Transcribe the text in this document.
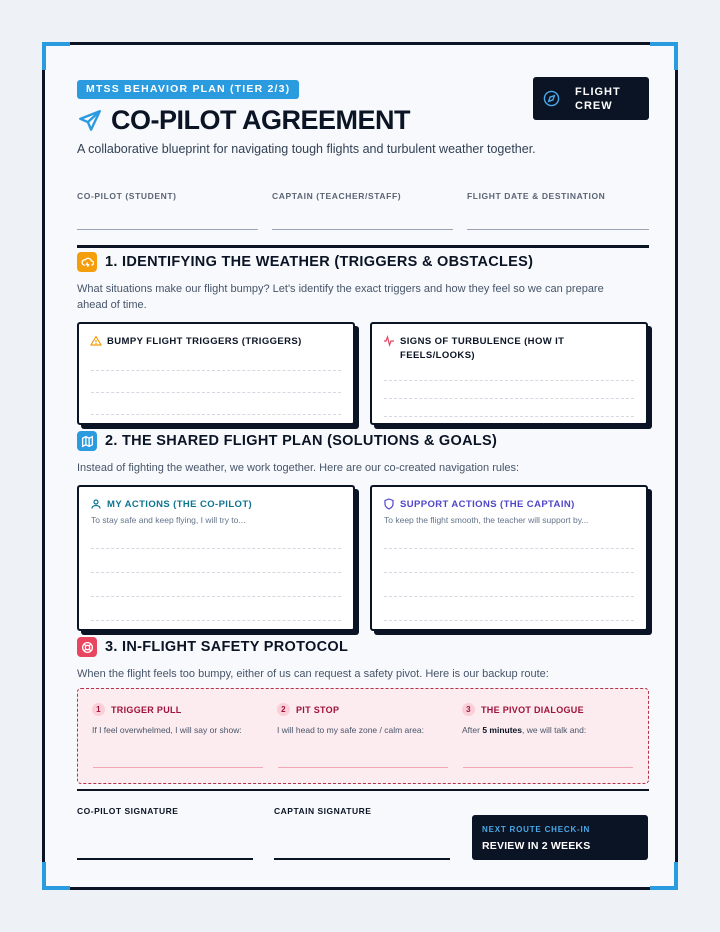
MTSS BEHAVIOR PLAN (TIER 2/3)	FLIGHT CREW
CO-PILOT AGREEMENT
A collaborative blueprint for navigating tough flights and turbulent weather together.
CO-PILOT (STUDENT)	CAPTAIN (TEACHER/STAFF)	FLIGHT DATE & DESTINATION
1. IDENTIFYING THE WEATHER (TRIGGERS & OBSTACLES)
What situations make our flight bumpy? Let's identify the exact triggers and how they feel so we can prepare ahead of time.
BUMPY FLIGHT TRIGGERS (TRIGGERS)	SIGNS OF TURBULENCE (HOW IT FEELS/LOOKS)
2. THE SHARED FLIGHT PLAN (SOLUTIONS & GOALS)
Instead of fighting the weather, we work together. Here are our co-created navigation rules:
MY ACTIONS (THE CO-PILOT)
To stay safe and keep flying, I will try to...
SUPPORT ACTIONS (THE CAPTAIN)
To keep the flight smooth, the teacher will support by...
3. IN-FLIGHT SAFETY PROTOCOL
When the flight feels too bumpy, either of us can request a safety pivot. Here is our backup route:
1	TRIGGER PULL
If I feel overwhelmed, I will say or show:
2	PIT STOP
I will head to my safe zone / calm area:
3	THE PIVOT DIALOGUE
After 5 minutes, we will talk and:
CO-PILOT SIGNATURE	CAPTAIN SIGNATURE
NEXT ROUTE CHECK-IN
REVIEW IN 2 WEEKS
